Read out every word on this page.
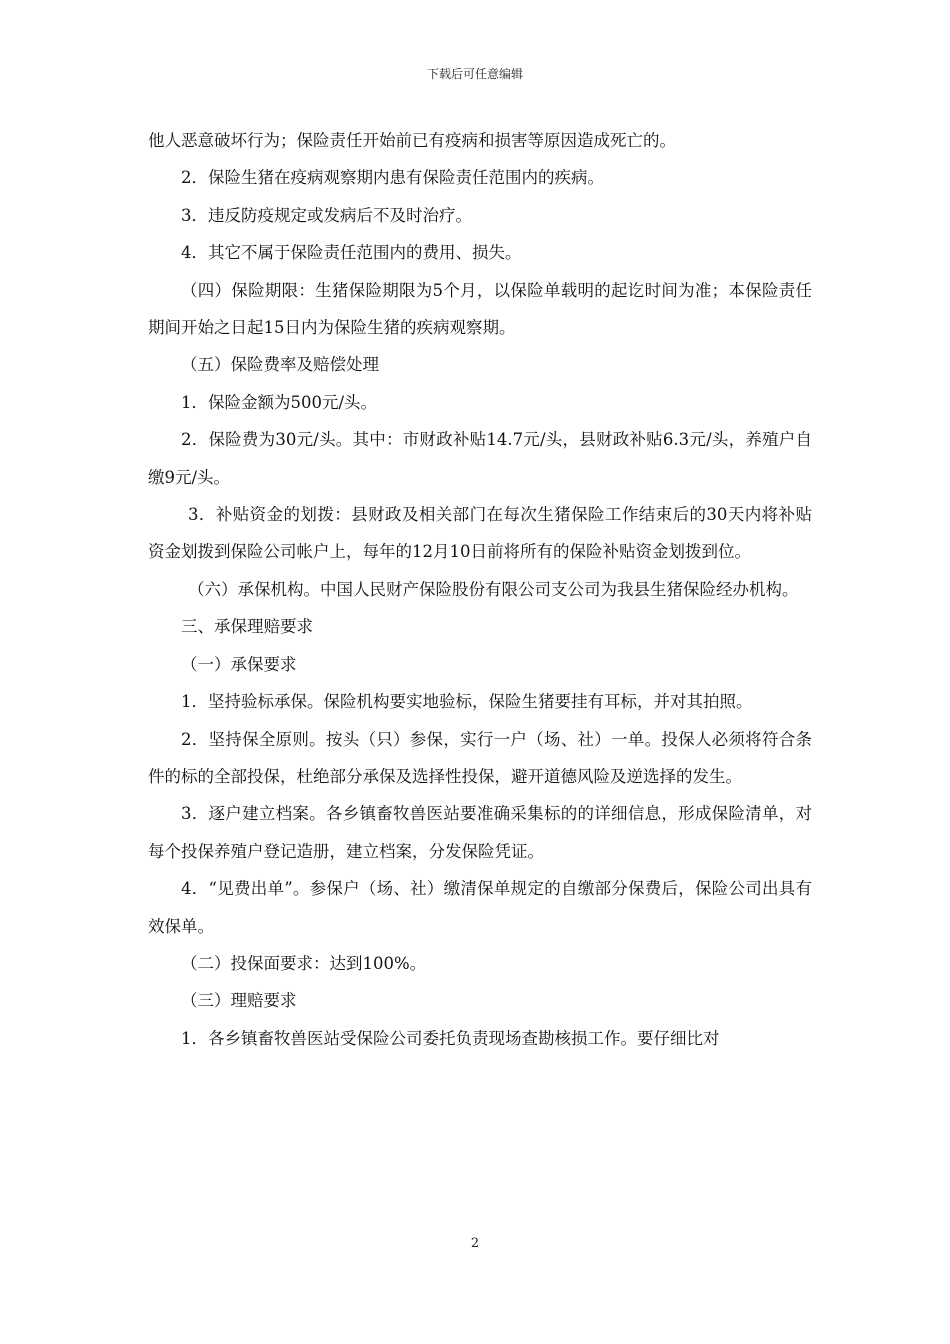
下载后可任意编辑

他人恶意破坏行为；保险责任开始前已有疫病和损害等原因造成死亡的。

2．保险生猪在疫病观察期内患有保险责任范围内的疾病。

3．违反防疫规定或发病后不及时治疗。

4．其它不属于保险责任范围内的费用、损失。

（四）保险期限：生猪保险期限为5个月，以保险单载明的起讫时间为准；本保险责任期间开始之日起15日内为保险生猪的疾病观察期。

（五）保险费率及赔偿处理

1．保险金额为500元/头。

2．保险费为30元/头。其中：市财政补贴14.7元/头，县财政补贴6.3元/头，养殖户自缴9元/头。

3．补贴资金的划拨：县财政及相关部门在每次生猪保险工作结束后的30天内将补贴资金划拨到保险公司帐户上，每年的12月10日前将所有的保险补贴资金划拨到位。

（六）承保机构。中国人民财产保险股份有限公司支公司为我县生猪保险经办机构。

三、承保理赔要求

（一）承保要求

1．坚持验标承保。保险机构要实地验标，保险生猪要挂有耳标，并对其拍照。

2．坚持保全原则。按头（只）参保，实行一户（场、社）一单。投保人必须将符合条件的标的全部投保，杜绝部分承保及选择性投保，避开道德风险及逆选择的发生。

3．逐户建立档案。各乡镇畜牧兽医站要准确采集标的的详细信息，形成保险清单，对每个投保养殖户登记造册，建立档案，分发保险凭证。

4．“见费出单”。参保户（场、社）缴清保单规定的自缴部分保费后，保险公司出具有效保单。

（二）投保面要求：达到100%。

（三）理赔要求

1．各乡镇畜牧兽医站受保险公司委托负责现场查勘核损工作。要仔细比对

2
